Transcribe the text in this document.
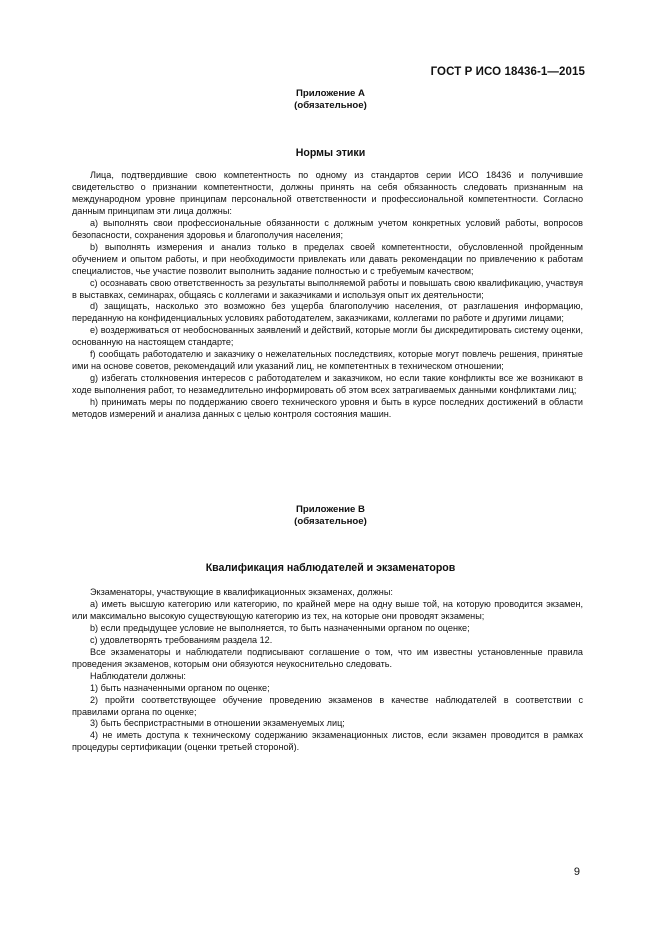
ГОСТ Р ИСО 18436-1—2015
Приложение A
(обязательное)
Нормы этики

Лица, подтвердившие свою компетентность по одному из стандартов серии ИСО 18436 и получившие свидетельство о признании компетентности, должны принять на себя обязанность следовать признанным на международном уровне принципам персональной ответственности и профессиональной компетентности. Согласно данным принципам эти лица должны:

a) выполнять свои профессиональные обязанности с должным учетом конкретных условий работы, вопросов безопасности, сохранения здоровья и благополучия населения;

b) выполнять измерения и анализ только в пределах своей компетентности, обусловленной пройденным обучением и опытом работы, и при необходимости привлекать или давать рекомендации по привлечению к работам специалистов, чье участие позволит выполнить задание полностью и с требуемым качеством;

c) осознавать свою ответственность за результаты выполняемой работы и повышать свою квалификацию, участвуя в выставках, семинарах, общаясь с коллегами и заказчиками и используя опыт их деятельности;

d) защищать, насколько это возможно без ущерба благополучию населения, от разглашения информацию, переданную на конфиденциальных условиях работодателем, заказчиками, коллегами по работе и другими лицами;

e) воздерживаться от необоснованных заявлений и действий, которые могли бы дискредитировать систему оценки, основанную на настоящем стандарте;

f) сообщать работодателю и заказчику о нежелательных последствиях, которые могут повлечь решения, принятые ими на основе советов, рекомендаций или указаний лиц, не компетентных в техническом отношении;

g) избегать столкновения интересов с работодателем и заказчиком, но если такие конфликты все же возникают в ходе выполнения работ, то незамедлительно информировать об этом всех затрагиваемых данными конфликтами лиц;

h) принимать меры по поддержанию своего технического уровня и быть в курсе последних достижений в области методов измерений и анализа данных с целью контроля состояния машин.

Приложение B
(обязательное)
Квалификация наблюдателей и экзаменаторов

Экзаменаторы, участвующие в квалификационных экзаменах, должны:

a) иметь высшую категорию или категорию, по крайней мере на одну выше той, на которую проводится экзамен, или максимально высокую существующую категорию из тех, на которые они проводят экзамены;

b) если предыдущее условие не выполняется, то быть назначенными органом по оценке;

c) удовлетворять требованиям раздела 12.

Все экзаменаторы и наблюдатели подписывают соглашение о том, что им известны установленные правила проведения экзаменов, которым они обязуются неукоснительно следовать.

Наблюдатели должны:

1) быть назначенными органом по оценке;

2) пройти соответствующее обучение проведению экзаменов в качестве наблюдателей в соответствии с правилами органа по оценке;

3) быть беспристрастными в отношении экзаменуемых лиц;

4) не иметь доступа к техническому содержанию экзаменационных листов, если экзамен проводится в рамках процедуры сертификации (оценки третьей стороной).

9
